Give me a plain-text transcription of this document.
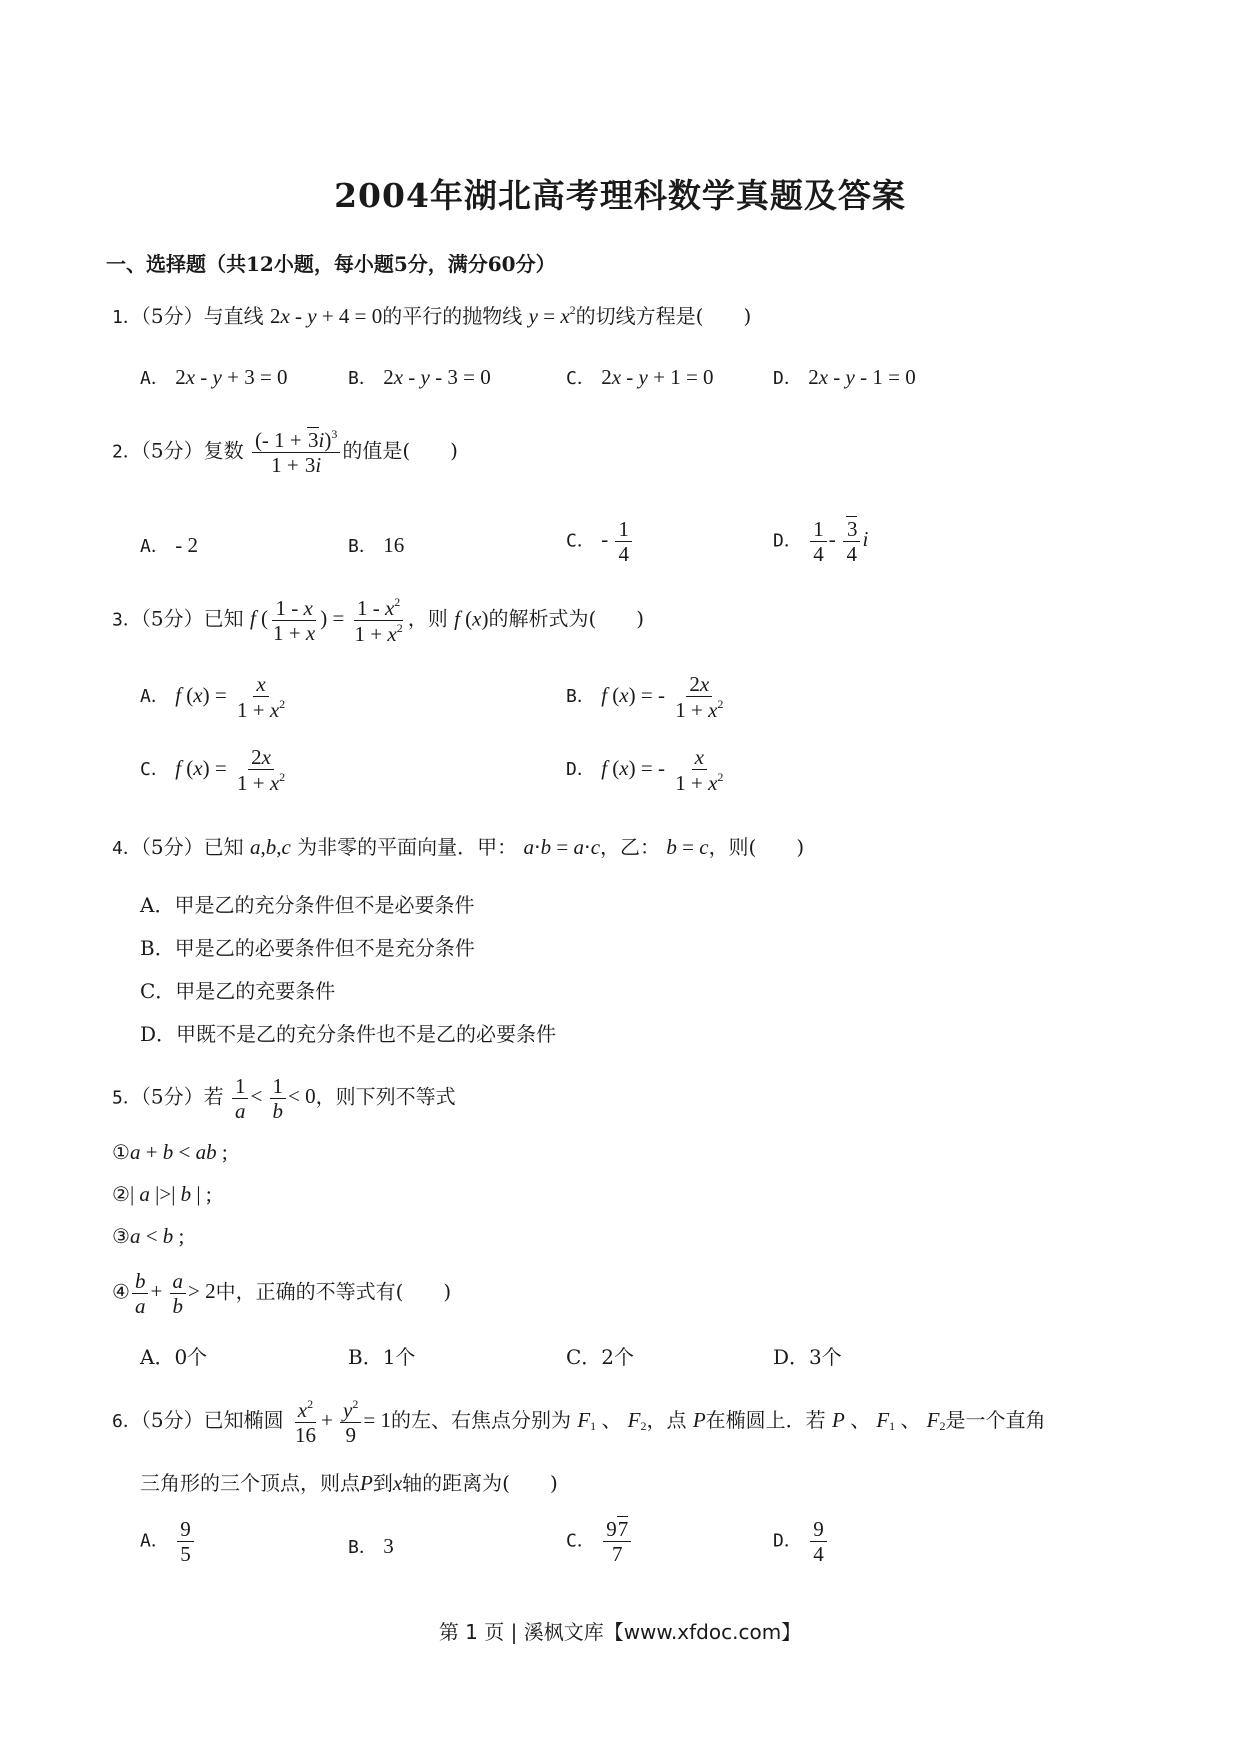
2004年湖北高考理科数学真题及答案
一、选择题（共12小题，每小题5分，满分60分）
1．（5分）与直线 2x - y + 4 = 0的平行的抛物线 $y = x^2$的切线方程是(　　)
A． 2x - y + 3 = 0	B． 2x - y - 3 = 0	C． 2x - y + 1 = 0	D． 2x - y - 1 = 0
2．（5分）复数 $\frac{(- 1 + 3i)^3}{1 + 3i}$ 的值是(　　)
A． - 2	B． 16	C． - $\frac{1}{4}$	D． $\frac{1}{4} - \frac{3}{4}$ i
3．（5分）已知 f ( $\frac{1 - x}{1 + x}$ ) = $\frac{1 - x^2}{1 + x^2}$ ，则 f (x)的解析式为(　　)
A． f $(x) = \frac{x}{1 + x^2}$	B． f (x) = - $\frac{2x}{1 + x^2}$
C． f $(x) = \frac{2x}{1 + x^2}$	D． f (x) = - $\frac{x}{1 + x^2}$
4．（5分）已知 a,b,c 为非零的平面向量．甲： a⋅b = a⋅c，乙： b = c，则(　　)
A．甲是乙的充分条件但不是必要条件
B．甲是乙的必要条件但不是充分条件
C．甲是乙的充要条件
D．甲既不是乙的充分条件也不是乙的必要条件
5．（5分）若 $\frac{1}{a} < \frac{1}{b} < 0$，则下列不等式
①a + b < ab ;
②| a |>| b | ;
③a < b ;
④ $\frac{b}{a} + \frac{a}{b} > 2$中，正确的不等式有(　　)
A．0个	B．1个	C．2个	D．3个
6．（5分）已知椭圆 $\frac{x^2}{16} + \frac{y^2}{9} = 1$的左、右焦点分别为 $F_1$ 、 $F_2$，点 P在椭圆上．若 P 、 $F_1$ 、 $F_2$是一个直角
三角形的三个顶点，则点P到x轴的距离为(　　)
A． $\frac{9}{5}$	B． 3	C． $\frac{97}{7}$	D． $\frac{9}{4}$
第 1 页 | 溪枫文库【www.xfdoc.com】
